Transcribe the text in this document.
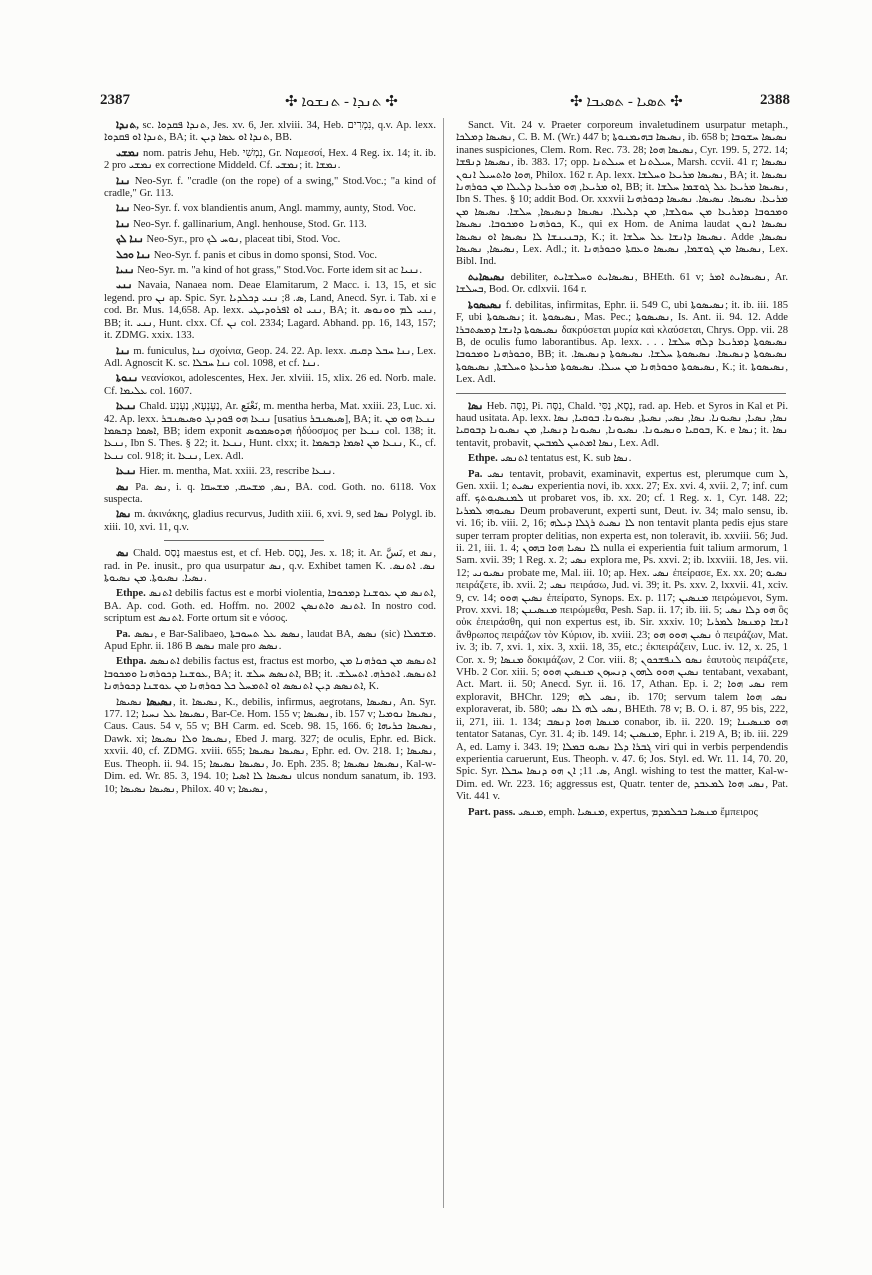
2387	✣ ܬܢܕܐ - ܬܢܫܘܐ ✣	✣ ܬܣܝܐ - ܬܣܝܒܐ ✣	2388

ܬܢܕܐ, sc. ܬܢܕܐ ܦܩܕܘܐ, Jes. xv. 6, Jer. xlviii. 34, Heb. נִמְרִים, q.v. Ap. lexx. ܬܢܕܐ ܐܘ ܦܩܕܘܐ, BA; it. ܬܢܕܐ ܐܘ ܥܣܐ ܕܝܢ, BB.

ܢܡܫܝ nom. patris Jehu, Heb. נִמְשִׁי, Gr. Ναμεσσί, Hex. 4 Reg. ix. 14; it. ib. 2 pro ܢܡܫܝ ex correctione Middeld. Cf. ܢܡܫܝ; it. ܢܡܫܐ.

ܢܢܐ Neo-Syr. f. "cradle (on the rope) of a swing," Stod.Voc.; "a kind of cradle," Gr. 113.

ܢܢܐ Neo-Syr. f. vox blandientis anum, Angl. mammy, aunty, Stod. Voc.

ܢܢܐ Neo-Syr. f. gallinarium, Angl. henhouse, Stod. Gr. 113.

ܢܢܐ ܠܟ Neo-Syr., pro ܢܘܚ ܠܟ, placeat tibi, Stod. Voc.

ܢܢܐ ܘܟܠ Neo-Syr. f. panis et cibus in domo sponsi, Stod. Voc.

ܢܢܝܐ Neo-Syr. m. "a kind of hot grass," Stod.Voc. Forte idem sit ac ܢܢܝܐ.

ܢܢܝ Navaia, Nanaea nom. Deae Elamitarum, 2 Macc. i. 13, 15, et sic legend. pro ܢܢ ap. Spic. Syr. ܣ. 8; ܢܢܝ ܕܟܠܕܝܐ, Land, Anecd. Syr. i. Tab. xi e cod. Br. Mus. 14,658. Ap. lexx. ܢܢܝ ܐܘ ܐܦܪܘܕܝܛܝ, BA; it. ܢܢܝ ܠܡ ܘܘܢܘܣ, BB; it. ܢܢܝ, Hunt. clxx. Cf. ܢܢ col. 2334; Lagard. Abhand. pp. 16, 143, 157; it. ZDMG. xxix. 133.

ܢܢܐ m. funiculus, ܢܢܐ σχοίνια, Geop. 24. 22. Ap. lexx. ܢܢܐ ܚܒܠ ܕܩܝܩ, Lex. Adl. Agnoscit K. sc. ܢܢܐ ܚܒܠܐ col. 1098, et cf. ܢܢܐ.

ܢܢܘܬܐ νεανίσκοι, adolescentes, Hex. Jer. xlviii. 15, xlix. 26 ed. Norb. male. Cf. ܥܠܝܡܐ col. 1607.

ܢܢܥܐ Chald. נַעְנְעָא, נַעְנַע, Ar. نَعْنَع, m. mentha herba, Mat. xxiii. 23, Luc. xi. 42. Ap. lexx. ܢܢܥܐ ܗܘ ܦܘܕܢܓ ܘܣܝܣܢܒܪ [usatius ܣܝܣܢܒܪ], BA; it. ܢܢܥܐ ܗܘ ܡܢ ܐܣܡܐ ܕܒܣܡܐ, BB; idem exponit ܗܕܘܣܡܘܣ ἡδύοσμος per ܢܢܥܐ col. 138; it. ܢܢܥܐ, Ibn S. Thes. § 22; it. ܢܢܥܐ, Hunt. clxx; it. ܢܢܥܐ ܡܢ ܐܣܡܐ ܕܒܣܡܐ, K., cf. ܢܢܥܐ col. 918; it. ܢܢܥܐ, Lex. Adl.

ܢܢܥܐ Hier. m. mentha, Mat. xxiii. 23, rescribe ܢܢܥܐ.

ܢܣ Pa. ܢܣ, i. q. ܢܣ, ܡܫܚܩ, ܡܫܚܩܐ, BA. cod. Goth. no. 6118. Vox suspecta.

ܢܣܐ m. ἀκινάκης, gladius recurvus, Judith xiii. 6, xvi. 9, sed ܢܣܐ Polygl. ib. xiii. 10, xvi. 11, q.v.

ܢܣ Chald. נְסַס maestus est, et cf. Heb. נָסַס, Jes. x. 18; it. Ar. نَسَّ, et ܢܣ, rad. in Pe. inusit., pro qua usurpatur ܢܣ, q.v. Exhibet tamen K. ܢܣ. ܐܬܢܣ. ܢܣܝܐ. ܢܣܝܘܬܐ. ܡܢ ܢܣܝܘܬܐ.

Ethpe. ܐܬܢܣ debilis factus est e morbi violentia, ܐܬܢܣ ܡܢ ܥܘܫܢܐ ܕܡܟܘܒܐ, BA. Ap. cod. Goth. ed. Hoffm. no. 2002 ܐܬܢܣ ܘܐܬܢܣܢ. In nostro cod. scriptum est ܐܬܢܣ. Forte ortum sit e νόσος.

Pa. ܢܣܣ, e Bar-Salibaeo, ܢܣܣ ܥܠ ܬܚܘܒܬܐ, laudat BA, ܢܣܣ (sic) ܡܫܡܠܐ. Apud Ephr. ii. 186 B ܢܣܣ male pro ܢܣܣ.

Ethpa. ܐܬܢܣܣ debilis factus est, fractus est morbo, ܐܬܢܣܣ ܡܢ ܟܘܪܗܢܐ ܡܢ ܥܘܫܢܐ ܕܟܘܪܗܢܐ ܘܡܟܘܒܐ, BA; it. ܐܬܢܣܣ ܚܠܫ, BB; it. ܐܬܢܣܣ. ܐܬܟܪܗ. ܐܬܚܠܫ. ܐܬܢܣܣ ܕܝܢ ܐܬܢܣܣ ܐܘ ܐܬܡܚܠ ܟܠ ܟܘܪܗܢܐ ܡܢ ܥܘܫܢܐ ܕܟܘܪܗܢܐ, K.

ܢܣܝܣܐ ܢܣܝܣܐ, it. ܢܣܝܣܐ, K., debilis, infirmus, aegrotans, ܢܣܝܣܐ, An. Syr. 177. 12; ܢܣܝܣܐ ܥܠ ܢܚܝܐ, Bar-Ce. Hom. 155 v; ܢܣܝܣܐ, ib. 157 v; ܢܣܝܣܐ ܢܘܡܝܐ, Caus. Caus. 54 v, 55 v; BH Carm. ed. Sceb. 98. 15, 166. 6; ܢܣܝܣܐ ܟܪܝܗܐ, Dawk. xi; ܢܣܝܣܐ ܘܠܐ ܢܣܝܣܐ, Ebed J. marg. 327; de oculis, Ephr. ed. Bick. xxvii. 40, cf. ZDMG. xviii. 655; ܢܣܝܣܐ ܢܣܝܣܐ, Ephr. ed. Ov. 218. 1; ܢܣܝܣܐ, Eus. Theoph. ii. 94. 15; ܢܣܝܣܐ ܢܣܝܣܐ, Jo. Eph. 235. 8; ܢܣܝܣܐ ܢܣܝܣܐ, Kal-w-Dim. ed. Wr. 85. 3, 194. 10; ܢܣܝܣܐ ܠܐ ܐܣܝܐ ulcus nondum sanatum, ib. 193. 10; ܢܣܝܣܐ ܢܣܝܣܐ, Philox. 40 v; ܢܣܝܣܐ,

Sanct. Vit. 24 v. Praeter corporeum invaletudinem usurpatur metaph., ܢܣܝܣܐ ܕܡܠܟܐ, C. B. M. (Wr.) 447 b; ܢܣܝܣܐ ܒܗܝܡܢܘܬܐ, ib. 658 b; ܢܣܝܣܐ ܚܫܘܒܐ inanes suspiciones, Clem. Rom. Rec. 73. 28; ܢܣܝܣܐ ܗܘܐ, Cyr. 199. 5, 272. 14; ܢܣܝܣܐ ܕܢܦܫܐ, ib. 383. 17; opp. ܚܝܠܬܢܐ et ܚܝܠܬܢܐ, Marsh. ccvii. 41 r; ܢܣܝܣܐ ܗܘܐ ܘܐܬܚܝܠ ܐܢܘܢ, Philox. 162 r. Ap. lexx. ܢܣܝܣܐ ܡܪܝܥܐ ܘܚܠܫܐ, BA; it. ܢܣܝܣܐ ܐܘ ܡܪܝܥܐ, ܗܘ ܡܪܝܥܐ ܕܠܝܠܐ ܡܢ ܟܘܪܗܢܐ, BB; it. ܢܣܝܣܐ ܡܪܝܥܐ ܥܠ ܓܘܫܡܐ ܚܠܫܐ, Ibn S. Thes. § 10; addit Bod. Or. xxxvii ܡܪܝܥܐ. ܢܣܝܣܐ. ܢܣܝܣܐ. ܢܣܝܣܐ ܕܟܘܪܗܢܐ ܘܡܟܘܒܐ ܕܡܪܝܥܐ ܡܢ ܚܘܠܫܐ, ܡܢ ܕܠܝܠܐ. ܢܣܝܣܐ ܕܢܣܝܣܐ, ܚܠܫܐ. ܢܣܝܣܐ ܡܢ ܟܘܪܗܢܐ ܘܡܟܘܒܐ. ܢܣܝܣܐ, K., qui ex Hom. de Anima laudat ܢܣܝܣܐ ܐܢܘܢ ܕܒܢܝܢܫܐ ܠܐ ܢܣܝܣܐ ܐܘ ܢܣܝܣܐ, K.; it. ܢܣܝܣܐ ܕܐܢܫܐ ܥܠ ܚܠܫܐ. Adde ܢܣܝܣܐ, ܢܣܝܣܐ, ܢܣܝܣܐ, Lex. Adl.; it. ܢܣܝܣܐ ܡܢ ܓܘܫܡܐ, ܢܣܝܣܐ ܘܥܩܬܐ ܘܟܘܪܗܢܐ, Lex. Bibl. Ind.

ܢܣܝܣܐܝܬ debiliter, ܢܣܝܣܐܝܬ ܘܚܠܫܐܝܬ, BHEth. 61 v; ܢܣܝܣܐܝܬ ܐܡܪ, Ar. ܒܚܠܫܐ, Bod. Or. cdlxvii. 164 r.

ܢܣܝܣܘܬܐ f. debilitas, infirmitas, Ephr. ii. 549 C, ubi ܢܣܝܣܘܬܐ; it. ib. iii. 185 F, ubi ܢܣܝܣܘܬܐ; it. ܢܣܝܣܘܬܐ, Mas. Pec.; ܢܣܝܣܘܬܐ, Is. Ant. ii. 94. 12. Adde ܢܣܝܣܘܬܐ ܕܐܢܫܐ ܕܡܣܬܒܪܐ δακρύσεται μυρία καὶ κλαύσεται, Chrys. Opp. vii. 28 B, de oculis fumo laborantibus. Ap. lexx. . . . ܢܣܝܣܘܬܐ ܕܡܪܝܥܐ ܕܠܗ ܚܠܫܐ ܘܟܘܪܗܢܐ ܘܡܟܘܒܐ, BB; it. ܢܣܝܣܘܬܐ ܕܢܣܝܣܐ. ܢܣܝܣܘܬܐ ܚܠܫܐ. ܢܣܝܣܘܬܐ ܕܢܣܝܣܐ. ܢܣܝܣܘܬܐ ܘܟܘܪܗܢܐ ܡܢ ܚܝܠܐ. ܢܣܝܣܘܬܐ ܡܪܝܥܬܐ ܘܚܠܫܬܐ, ܢܣܝܣܘܬܐ, K.; it. ܢܣܝܣܘܬܐ, Lex. Adl.

ܢܣܐ Heb. נִסָּה, Pi. נִסָּה, Chald. נְסָא, נַסִּי, rad. ap. Heb. et Syros in Kal et Pi. haud usitata. Ap. lexx. ܢܣܐ, ܢܣܝܐ, ܢܣܝܘܢܐ. ܢܣܐ, ܢܣܝ, ܢܣܝܬܐ, ܢܣܝܘܢܐ. ܒܘܩܝܐ, ܢܣܐ ܒܘܩܝܐ ܘܢܣܝܘܢܐ. ܢܣܝܘܢܐ, ܢܣܝܘܢܐ ܕܢܣܝܐ, ܡܢ ܢܣܝܘܢܐ ܕܒܘܩܝܐ, K. e ܢܣܐ; it. ܢܣܐ tentavit, probavit, ܢܣܐ ܐܡܬܚܢ ܠܡܒܚܢ, Lex. Adl.

Ethpe. ܐܬܢܣܝ tentatus est, K. sub ܢܣܐ.

Pa. ܢܣܝ tentavit, probavit, examinavit, expertus est, plerumque cum ܠ, Gen. xxii. 1; ܢܣܝܬ experientia novi, ib. xxx. 27; Ex. xvi. 4, xvii. 2, 7; inf. cum aff. ܠܡܢܣܝܘܬܟ ut probaret vos, ib. xx. 20; cf. 1 Reg. x. 1, Cyr. 148. 22; ܢܣܝܘܗܝ ܠܡܪܝܐ Deum probaverunt, experti sunt, Deut. iv. 34; malo sensu, ib. vi. 16; ib. viii. 2, 16; ܠܐ ܢܣܝܬ ܪܓܠܐ ܕܝܠܗ non tentavit planta pedis ejus stare super terram propter delitias, non experta est, non toleravit, ib. xxviii. 56; Jud. ii. 21, iii. 1. 4; ܠܐ ܢܣܝܐ ܗܘܐ ܒܗܘܢ nulla ei experientia fuit talium armorum, 1 Sam. xvii. 39; 1 Reg. x. 2; ܢܣܝ explora me, Ps. xxvi. 2; ib. lxxviii. 18, Jes. vii. 12; ܢܣܝܘܢܝ probate me, Mal. iii. 10; ap. Hex. ܢܣܝ ἐπείρασε, Ex. xx. 20; ܢܣܝܘ πειράζετε, ib. xvii. 2; ܢܣܝ πειράσω, Jud. vi. 39; it. Ps. xxv. 2, lxxvii. 41, xciv. 9, cv. 14; ܢܣܝܢ ܗܘܘ ἐπείρατο, Synops. Ex. p. 117; ܡܢܣܝܢ πειρώμενοι, Sym. Prov. xxvi. 18; ܡܢܣܝܢܢ πειρώμεθα, Pesh. Sap. ii. 17; ib. iii. 5; ܗܘ ܕܠܐ ܢܣܝ ὃς οὐκ ἐπειράσθη, qui non expertus est, ib. Sir. xxxiv. 10; ܐܢܫܐ ܕܡܢܣܐ ܠܡܪܝܐ ἄνθρωπος πειράζων τὸν Κύριον, ib. xviii. 23; ܢܣܝܢ ܗܘܘ ܗܘ ὁ πειράζων, Mat. iv. 3; ib. 7, xvi. 1, xix. 3, xxii. 18, 35, etc.; ἐκπειράζειν, Luc. iv. 12, x. 25, 1 Cor. x. 9; ܡܢܣܐ δοκιμάζων, 2 Cor. viii. 8; ܢܣܘ ܠܢܦܫܟܘܢ ἑαυτοὺς πειράζετε, VHb. 2 Cor. xiii. 5; ܢܣܝܢ ܗܘܘ ܠܗܘܢ ܕܢܚܙܘܢ ܡܢܣܝܢ ܗܘܘ tentabant, vexabant, Act. Mart. ii. 50; Anecd. Syr. ii. 16. 17, Athan. Ep. i. 2; ܢܣܝ ܗܘܐ rem exploravit, BHChr. 129; ܢܣܝ ܠܗ, ib. 170; servum talem ܢܣܝ ܗܘܐ exploraverat, ib. 580; ܢܣܝ ܠܗ ܠܐ ܢܣܝ, BHEth. 78 v; B. O. i. 87, 95 bis, 222, ii, 271, iii. 1. 134; ܡܢܣܐ ܗܘܐ ܕܢܣܒ conabor, ib. ii. 220. 19; ܗܘ ܡܢܣܝܢܐ tentator Satanas, Cyr. 31. 4; ib. 149. 14; ܡܢܣܝܢ, Ephr. i. 219 A, B; ib. iii. 229 A, ed. Lamy i. 343. 19; ܓܒܪܐ ܕܠܐ ܢܣܝܘ ܒܡܠܐ viri qui in verbis perpendendis experientia caruerunt, Eus. Theoph. v. 47. 6; Jos. Styl. ed. Wr. 11. 14, 70. 20, Spic. Syr. ܣ. 11; ܐܢ ܗܘ ܕܢܣܐ ܚܒܠܐ, Angl. wishing to test the matter, Kal-w-Dim. ed. Wr. 223. 16; aggressus est, Quatr. tenter de, ܢܣܝ ܗܘܐ ܠܡܥܒܕ, Pat. Vit. 441 v.

Part. pass. ܡܢܣܝ, emph. ܡܢܣܝܐ, expertus, ܡܢܣܝܐ ܒܟܠܡܕܡ ἔμπειρος
